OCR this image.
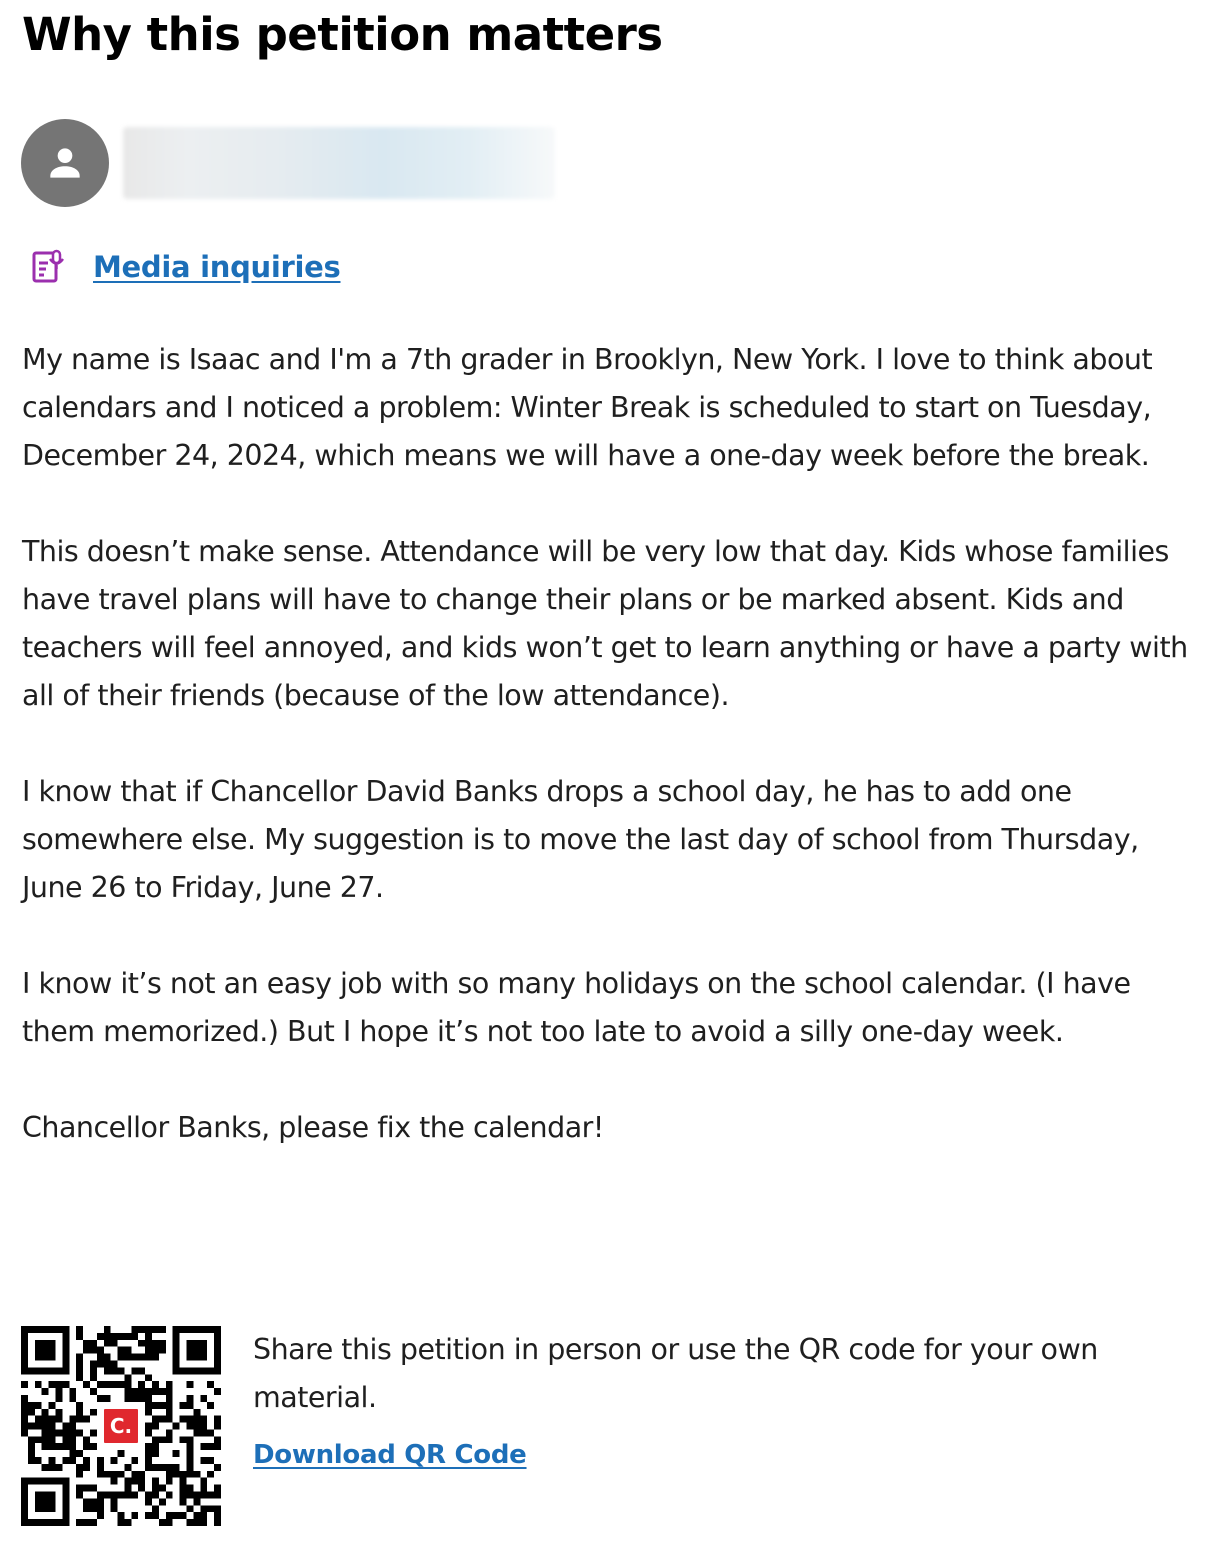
Why this petition matters
Media inquiries

My name is Isaac and I'm a 7th grader in Brooklyn, New York. I love to think about calendars and I noticed a problem: Winter Break is scheduled to start on Tuesday, December 24, 2024, which means we will have a one-day week before the break.

This doesn’t make sense. Attendance will be very low that day. Kids whose families have travel plans will have to change their plans or be marked absent. Kids and teachers will feel annoyed, and kids won’t get to learn anything or have a party with all of their friends (because of the low attendance).

I know that if Chancellor David Banks drops a school day, he has to add one somewhere else. My suggestion is to move the last day of school from Thursday, June 26 to Friday, June 27.

I know it’s not an easy job with so many holidays on the school calendar. (I have them memorized.) But I hope it’s not too late to avoid a silly one-day week.

Chancellor Banks, please fix the calendar!

C.

Share this petition in person or use the QR code for your own material.

Download QR Code
